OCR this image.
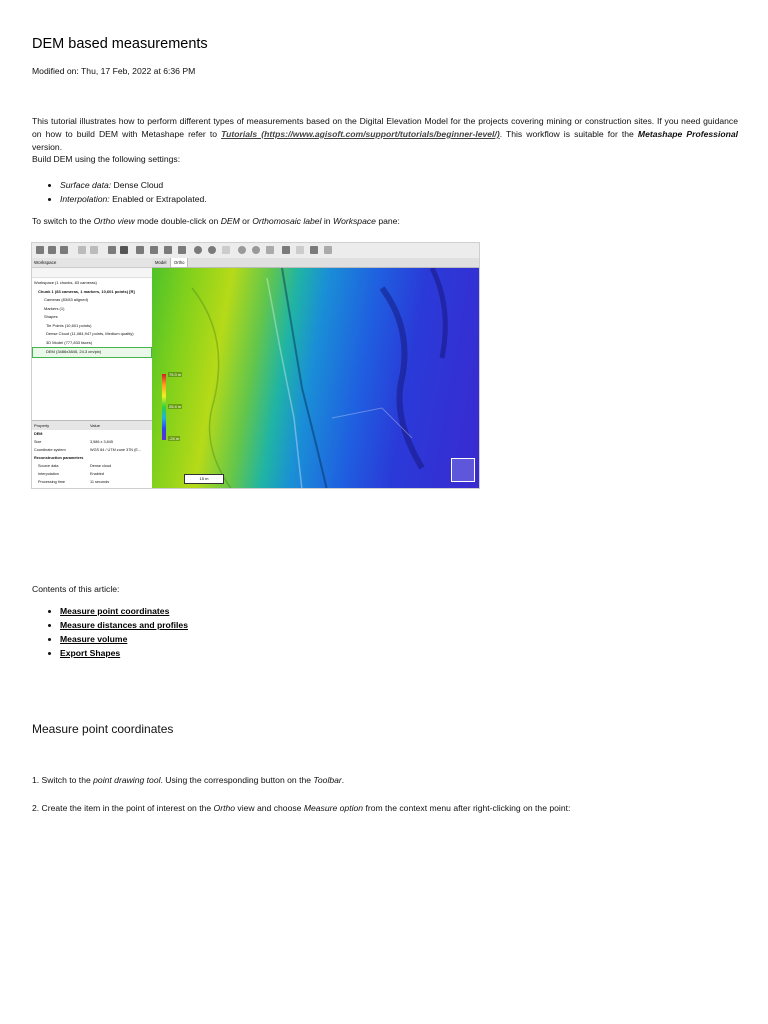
DEM based measurements
Modified on: Thu, 17 Feb, 2022 at 6:36 PM
This tutorial illustrates how to perform different types of measurements based on the Digital Elevation Model for the projects covering mining or construction sites. If you need guidance on how to build DEM with Metashape refer to Tutorials (https://www.agisoft.com/support/tutorials/beginner-level/). This workflow is suitable for the Metashape Professional version.
Build DEM using the following settings:
• Surface data: Dense Cloud
• Interpolation: Enabled or Extrapolated.
To switch to the Ortho view mode double-click on DEM or Orthomosaic label in Workspace pane:
Contents of this article:
• Measure point coordinates
• Measure distances and profiles
• Measure volume
• Export Shapes
Measure point coordinates
1. Switch to the point drawing tool. Using the corresponding button on the Toolbar.
2. Create the item in the point of interest on the Ortho view and choose Measure option from the context menu after right-clicking on the point:
Workspace
Workspace (1 chunks, 83 cameras)
Chunk 1 (83 cameras, 1 markers, 10,601 points) [R]
Cameras (83/83 aligned)
Markers (1)
Shapes
Tie Points (10,601 points)
Dense Cloud (11,084,947 points, Medium quality)
3D Model (777,833 faces)
DEM (3486x3845, 24.3 cm/pix)
Property	Value
DEM
Size	3,586 x 3,845
Coordinate system	WGS 84 / UTM zone 37N (E...
Reconstruction parameters
Source data	Dense cloud
Interpolation	Enabled
Processing time	11 seconds
Model	Ortho
75.3 m
26.4 m
-24 m
15 m
